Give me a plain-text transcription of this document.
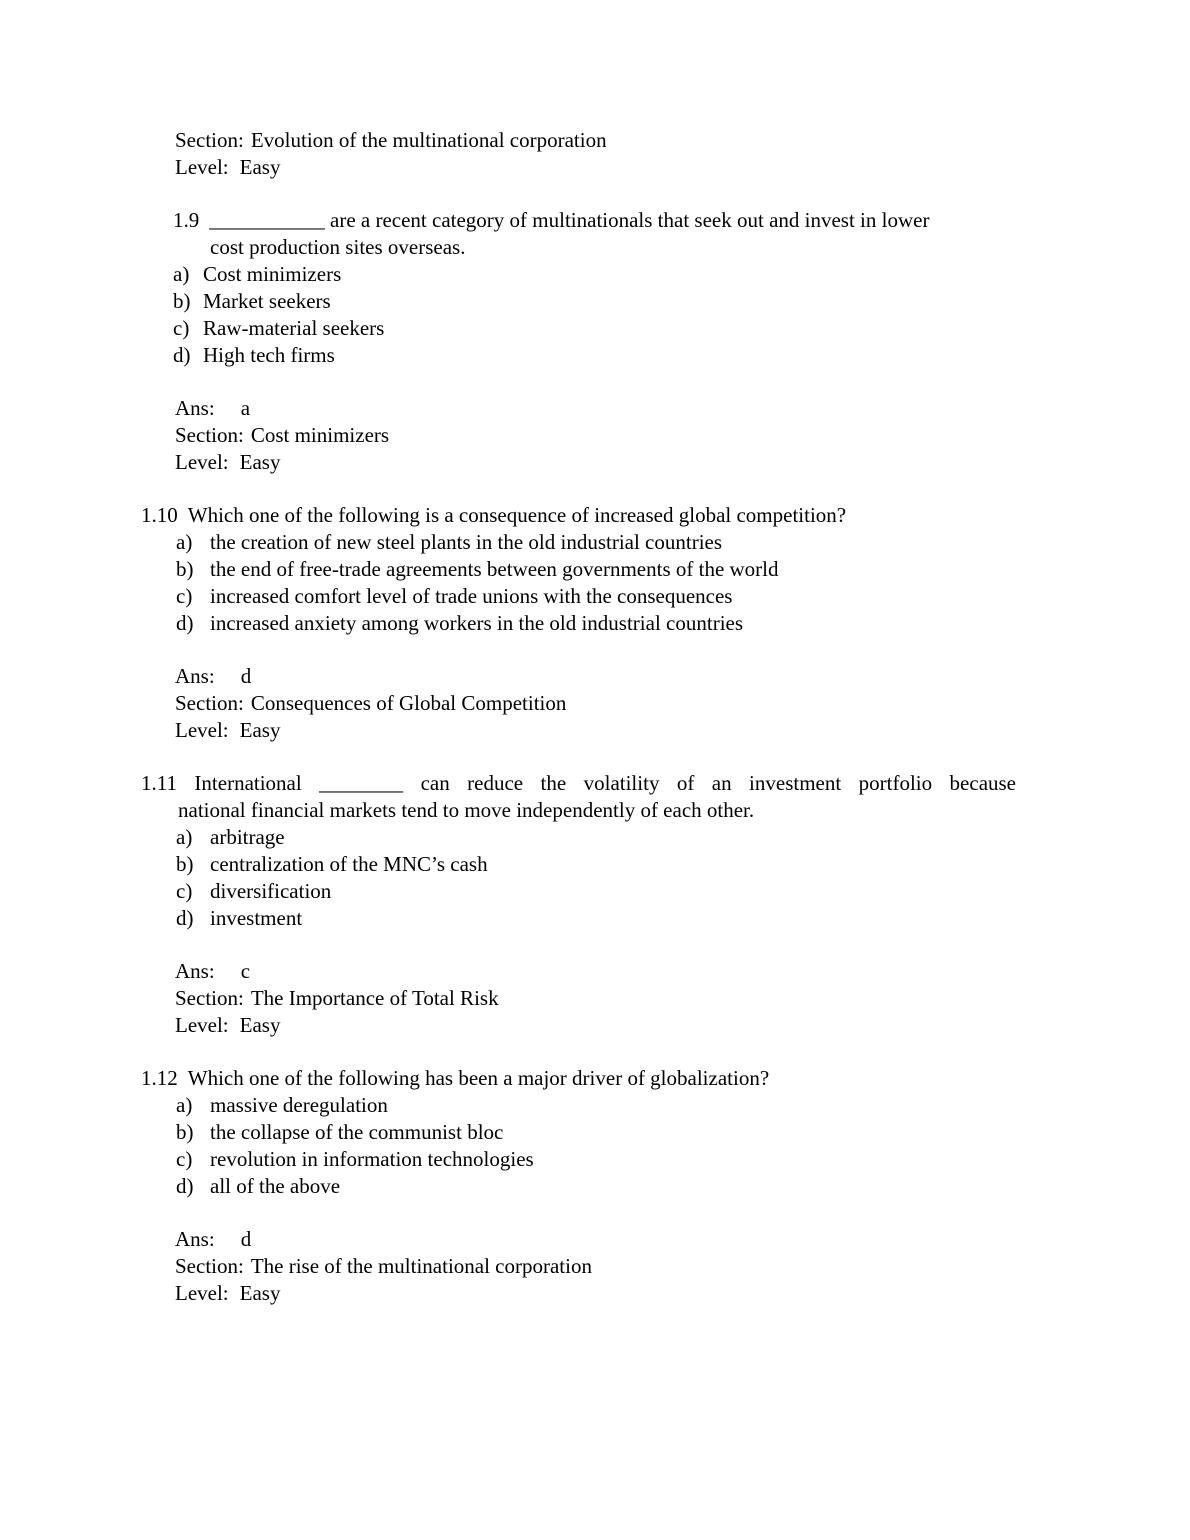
Section: Evolution of the multinational corporation
Level: Easy
1.9 ___________ are a recent category of multinationals that seek out and invest in lower
cost production sites overseas.
a) Cost minimizers
b) Market seekers
c) Raw-material seekers
d) High tech firms
Ans: a
Section: Cost minimizers
Level: Easy
1.10 Which one of the following is a consequence of increased global competition?
a) the creation of new steel plants in the old industrial countries
b) the end of free-trade agreements between governments of the world
c) increased comfort level of trade unions with the consequences
d) increased anxiety among workers in the old industrial countries
Ans: d
Section: Consequences of Global Competition
Level: Easy
1.11 International ________ can reduce the volatility of an investment portfolio because
national financial markets tend to move independently of each other.
a) arbitrage
b) centralization of the MNC’s cash
c) diversification
d) investment
Ans: c
Section: The Importance of Total Risk
Level: Easy
1.12 Which one of the following has been a major driver of globalization?
a) massive deregulation
b) the collapse of the communist bloc
c) revolution in information technologies
d) all of the above
Ans: d
Section: The rise of the multinational corporation
Level: Easy
